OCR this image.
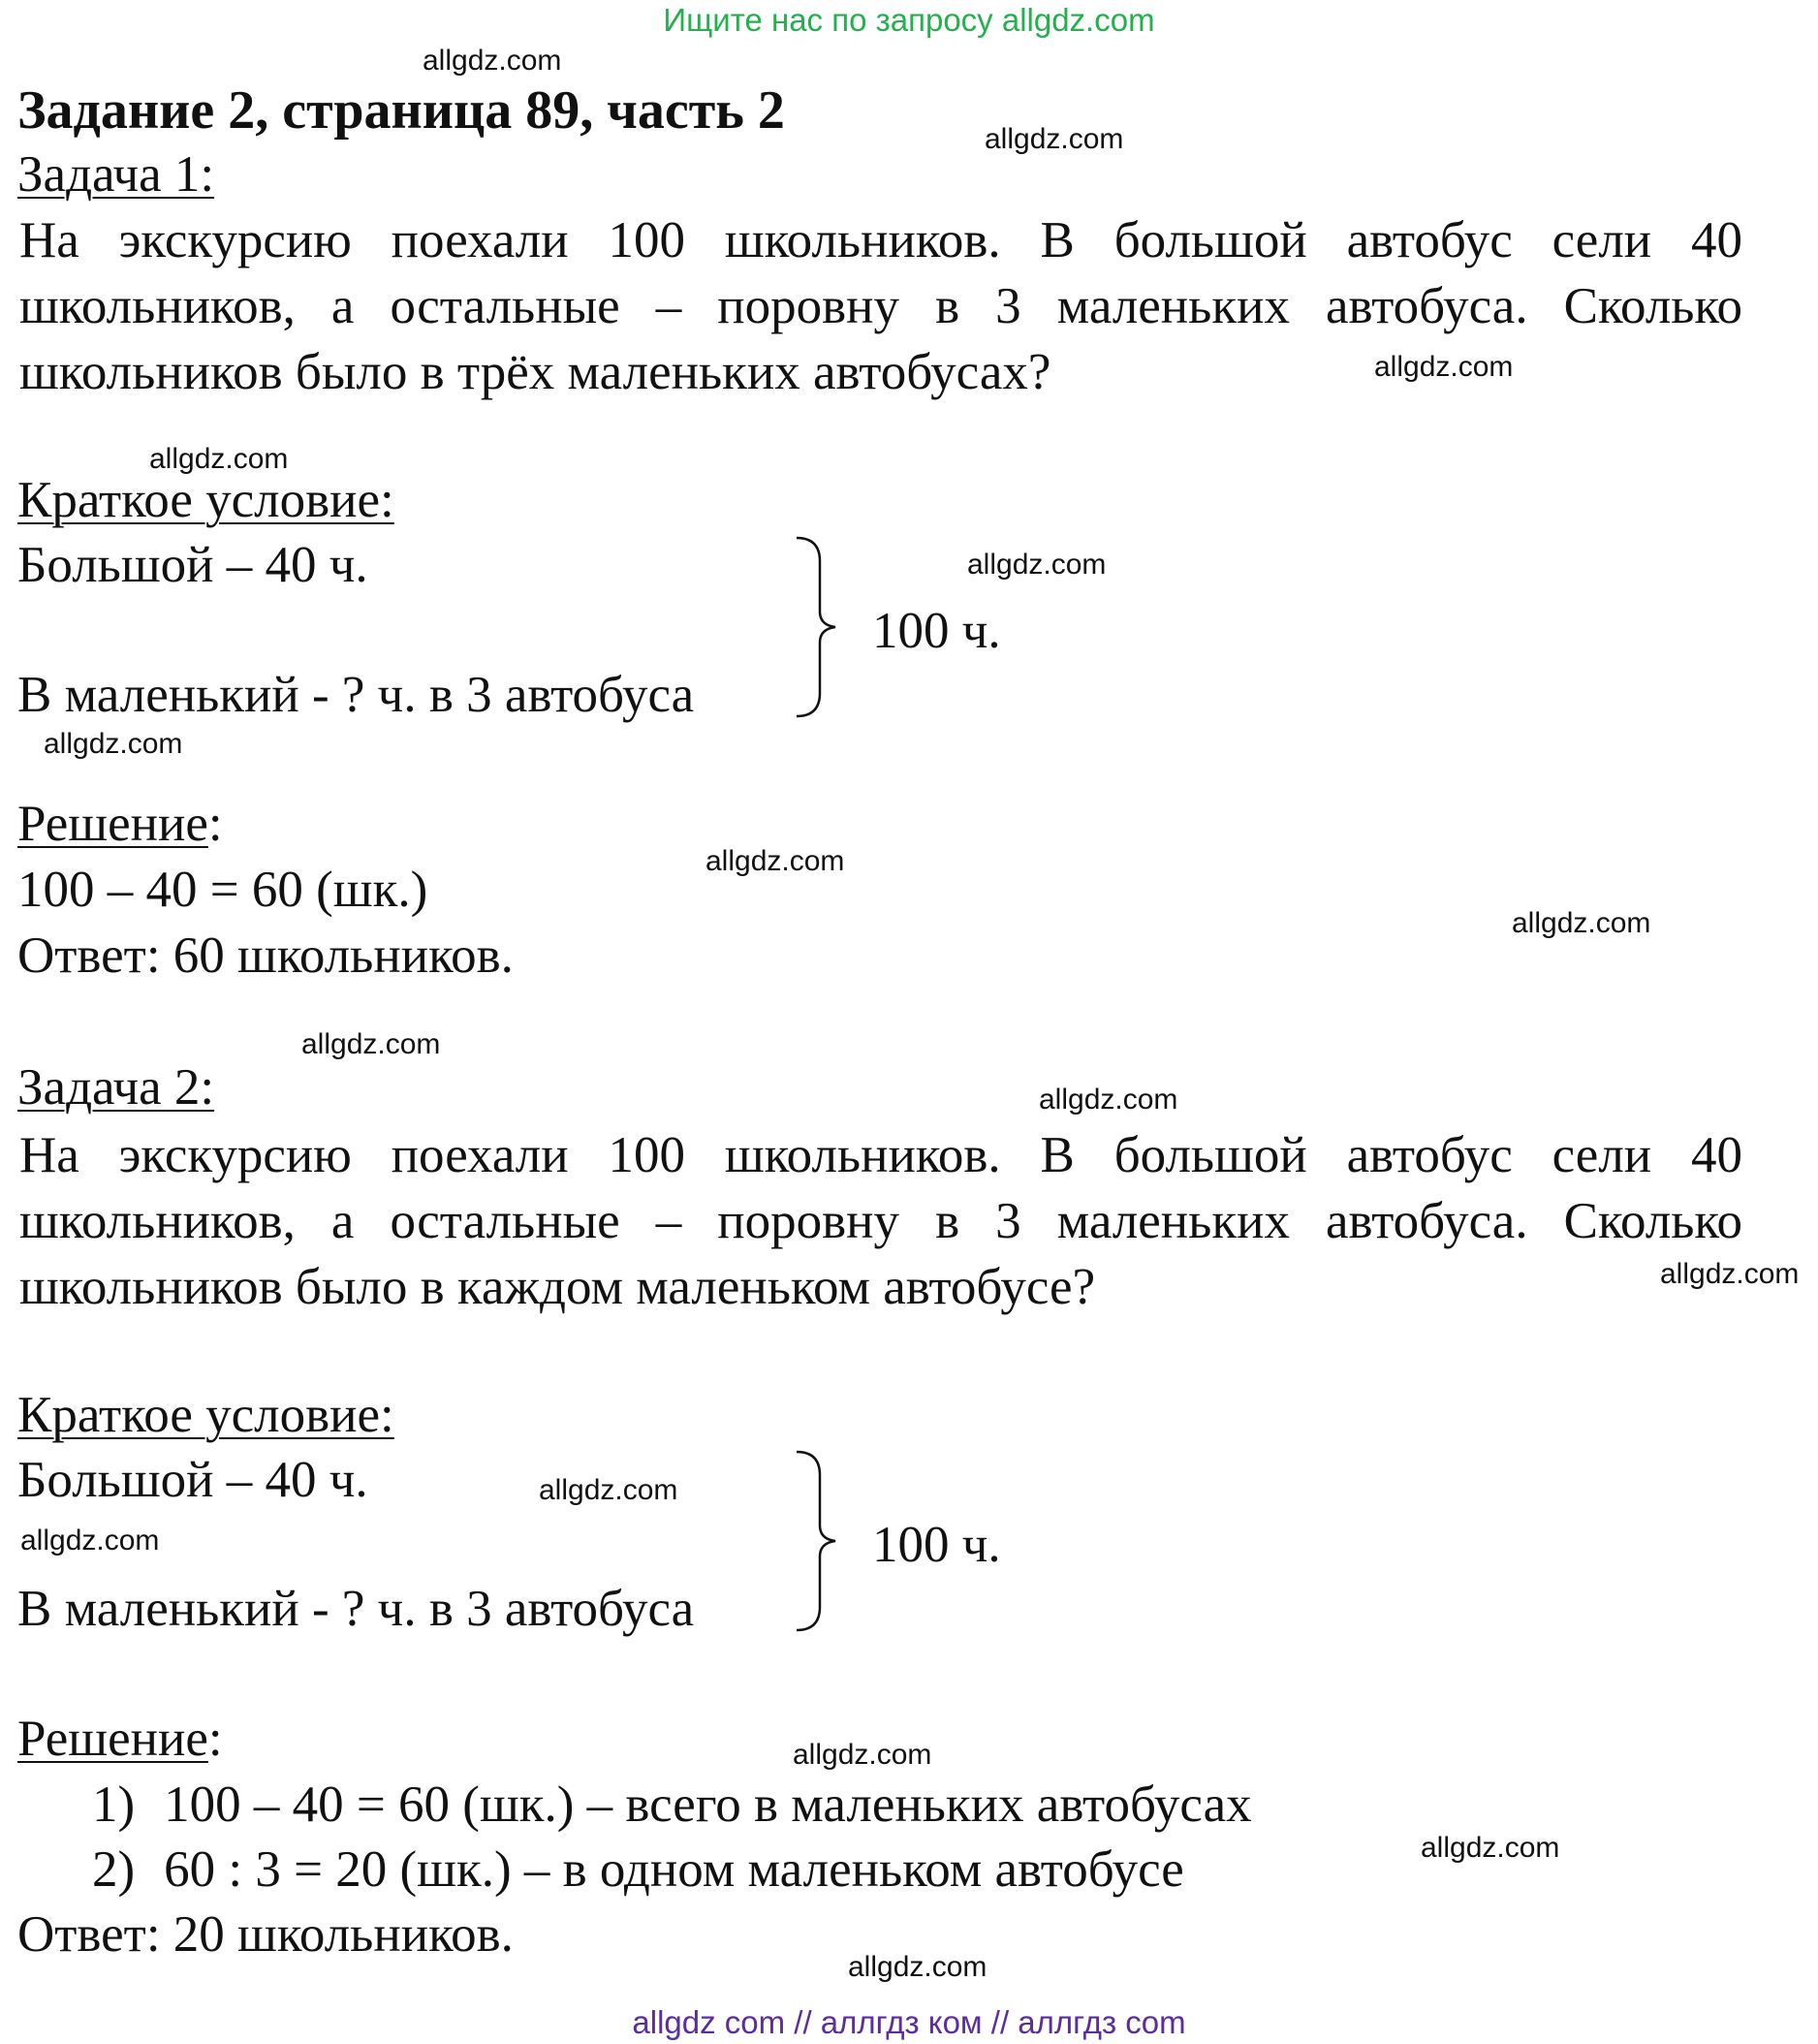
Ищите нас по запросу allgdz.com
allgdz com // аллгдз ком // аллгдз com
Задание 2, страница 89, часть 2
Задача 1:
На экскурсию поехали 100 школьников. В большой автобус сели 40 школьников, а остальные – поровну в 3 маленьких автобуса. Сколько школьников было в трёх маленьких автобусах?
Краткое условие:
Большой – 40 ч.
В маленький - ? ч. в 3 автобуса
100 ч.
Решение:
100 – 40 = 60 (шк.)
Ответ: 60 школьников.
Задача 2:
На экскурсию поехали 100 школьников. В большой автобус сели 40 школьников, а остальные – поровну в 3 маленьких автобуса. Сколько школьников было в каждом маленьком автобусе?
Краткое условие:
Большой – 40 ч.
В маленький - ? ч. в 3 автобуса
100 ч.
Решение:
1) 100 – 40 = 60 (шк.) – всего в маленьких автобусах
2) 60 : 3 = 20 (шк.) – в одном маленьком автобусе
Ответ: 20 школьников.
allgdz.com
allgdz.com
allgdz.com
allgdz.com
allgdz.com
allgdz.com
allgdz.com
allgdz.com
allgdz.com
allgdz.com
allgdz.com
allgdz.com
allgdz.com
allgdz.com
allgdz.com
allgdz.com
